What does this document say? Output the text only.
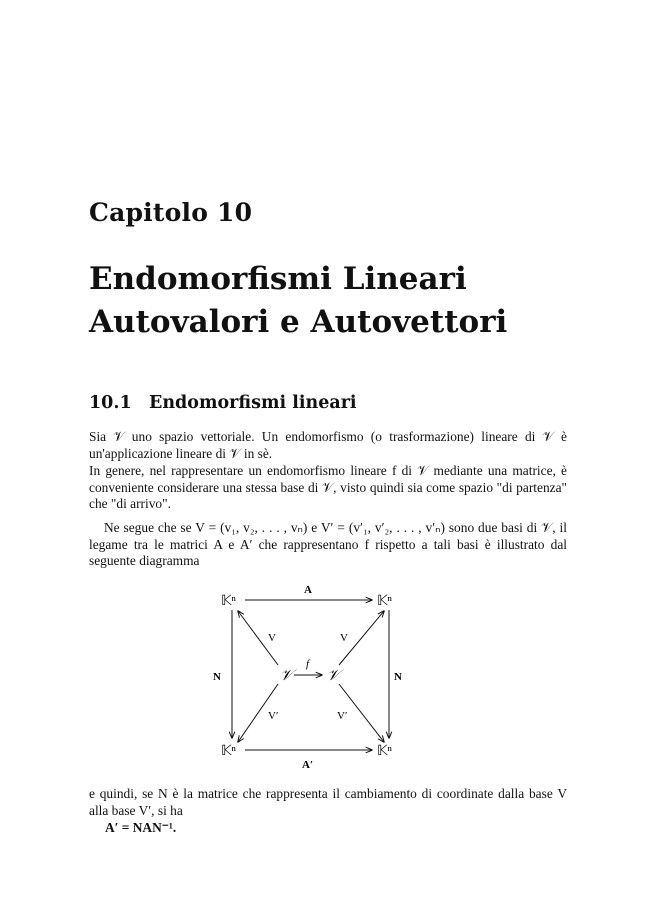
Capitolo 10
Endomorfismi Lineari
Autovalori e Autovettori
10.1 Endomorfismi lineari

Sia 𝒱 uno spazio vettoriale. Un endomorfismo (o trasformazione) lineare di 𝒱 è un'applicazione lineare di 𝒱 in sè.

In genere, nel rappresentare un endomorfismo lineare f di 𝒱 mediante una matrice, è conveniente considerare una stessa base di 𝒱, visto quindi sia come spazio "di partenza" che "di arrivo".

Ne segue che se V = (v₁, v₂, . . . , vₙ) e V′ = (v′₁, v′₂, . . . , v′ₙ) sono due basi di 𝒱, il legame tra le matrici A e A′ che rappresentano f rispetto a tali basi è illustrato dal seguente diagramma

𝕂ⁿ	𝕂ⁿ
𝕂ⁿ	𝕂ⁿ
A
A′
N	N
𝒱	𝒱
f
V	V
V′	V′

e quindi, se N è la matrice che rappresenta il cambiamento di coordinate dalla base V alla base V′, si ha

A′ = NAN⁻¹.
